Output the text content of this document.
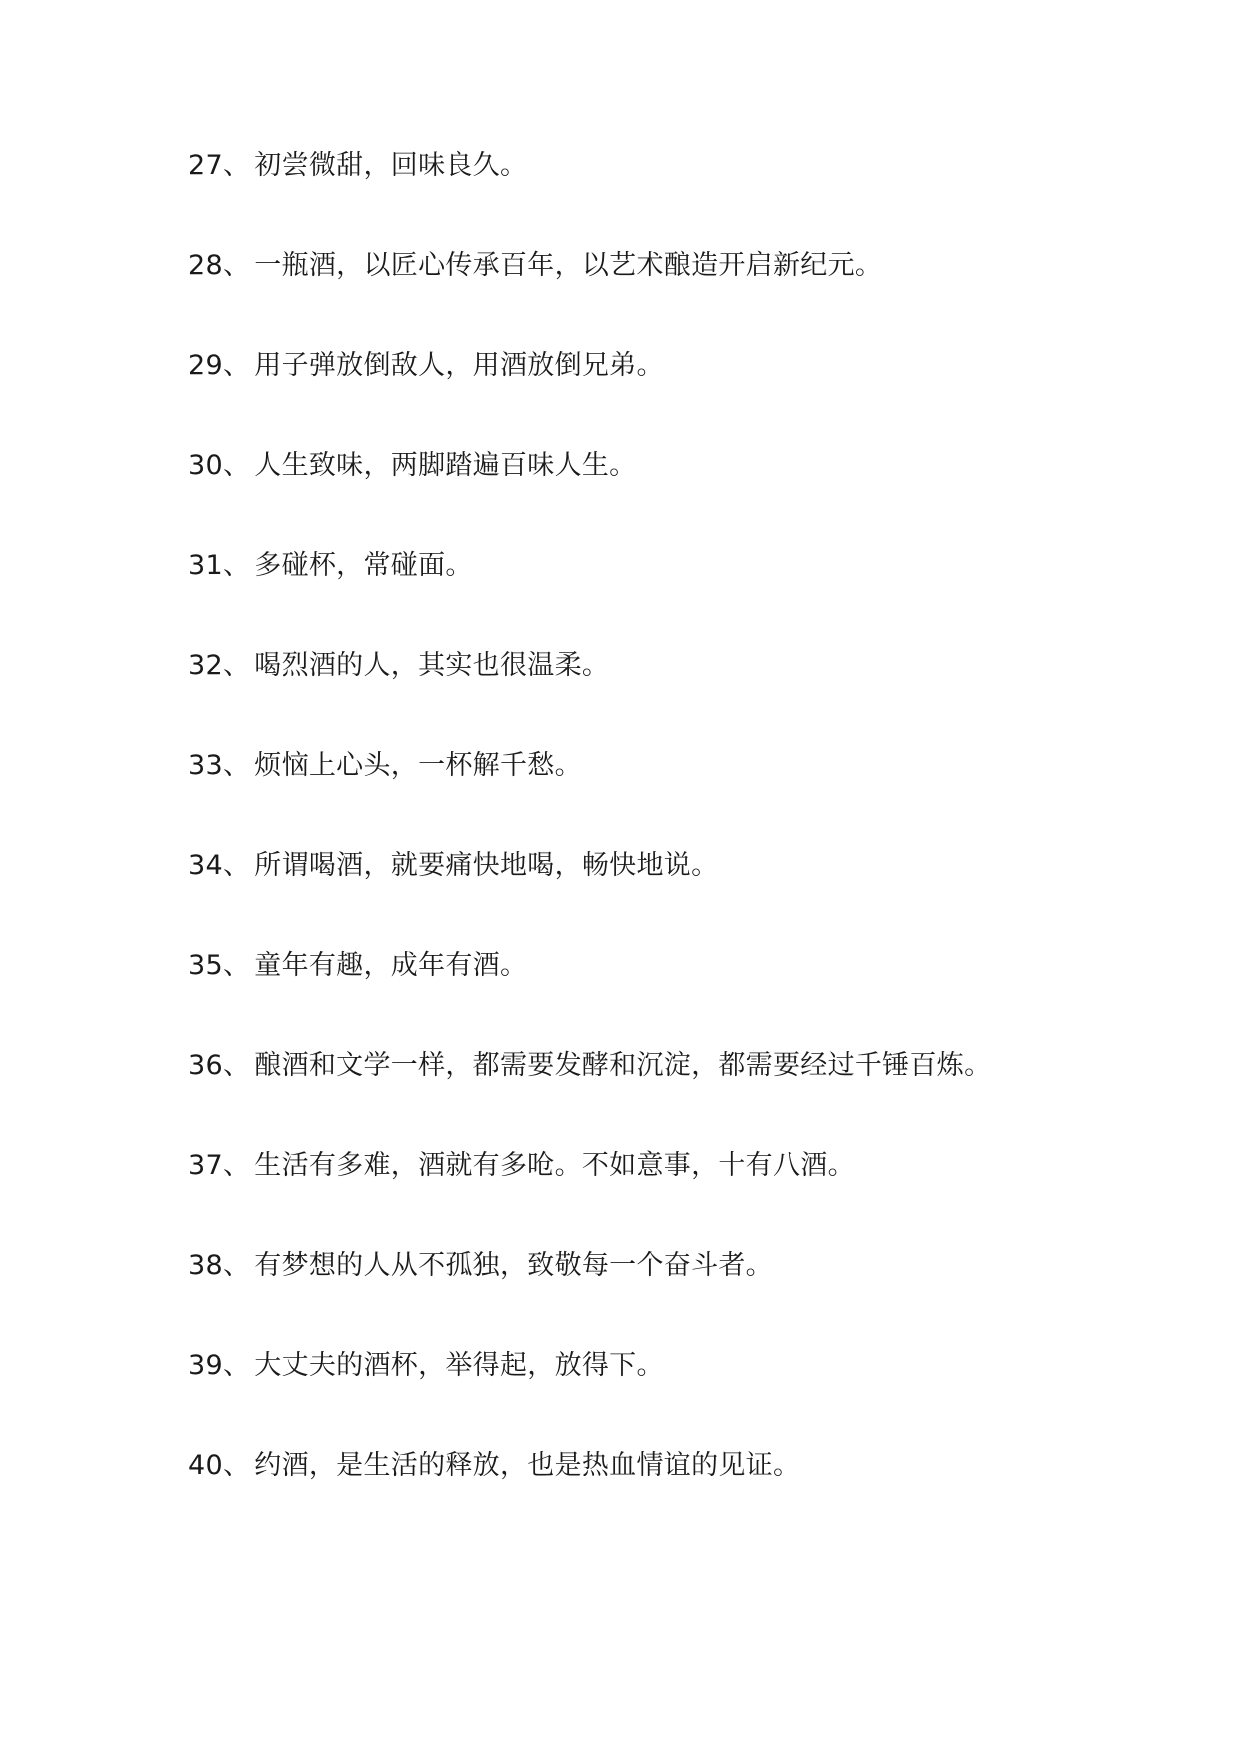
27 、 初尝微甜，回味良久。
28 、 一瓶酒，以匠心传承百年，以艺术酿造开启新纪元。
29 、 用子弹放倒敌人，用酒放倒兄弟。
30 、 人生致味，两脚踏遍百味人生。
31 、 多碰杯，常碰面。
32 、 喝烈酒的人，其实也很温柔。
33 、 烦恼上心头，一杯解千愁。
34 、 所谓喝酒，就要痛快地喝，畅快地说。
35 、 童年有趣，成年有酒。
36 、 酿酒和文学一样，都需要发酵和沉淀，都需要经过千锤百炼。
37 、 生活有多难，酒就有多呛。不如意事，十有八酒。
38 、 有梦想的人从不孤独，致敬每一个奋斗者。
39 、 大丈夫的酒杯，举得起，放得下。
40 、 约酒，是生活的释放，也是热血情谊的见证。
